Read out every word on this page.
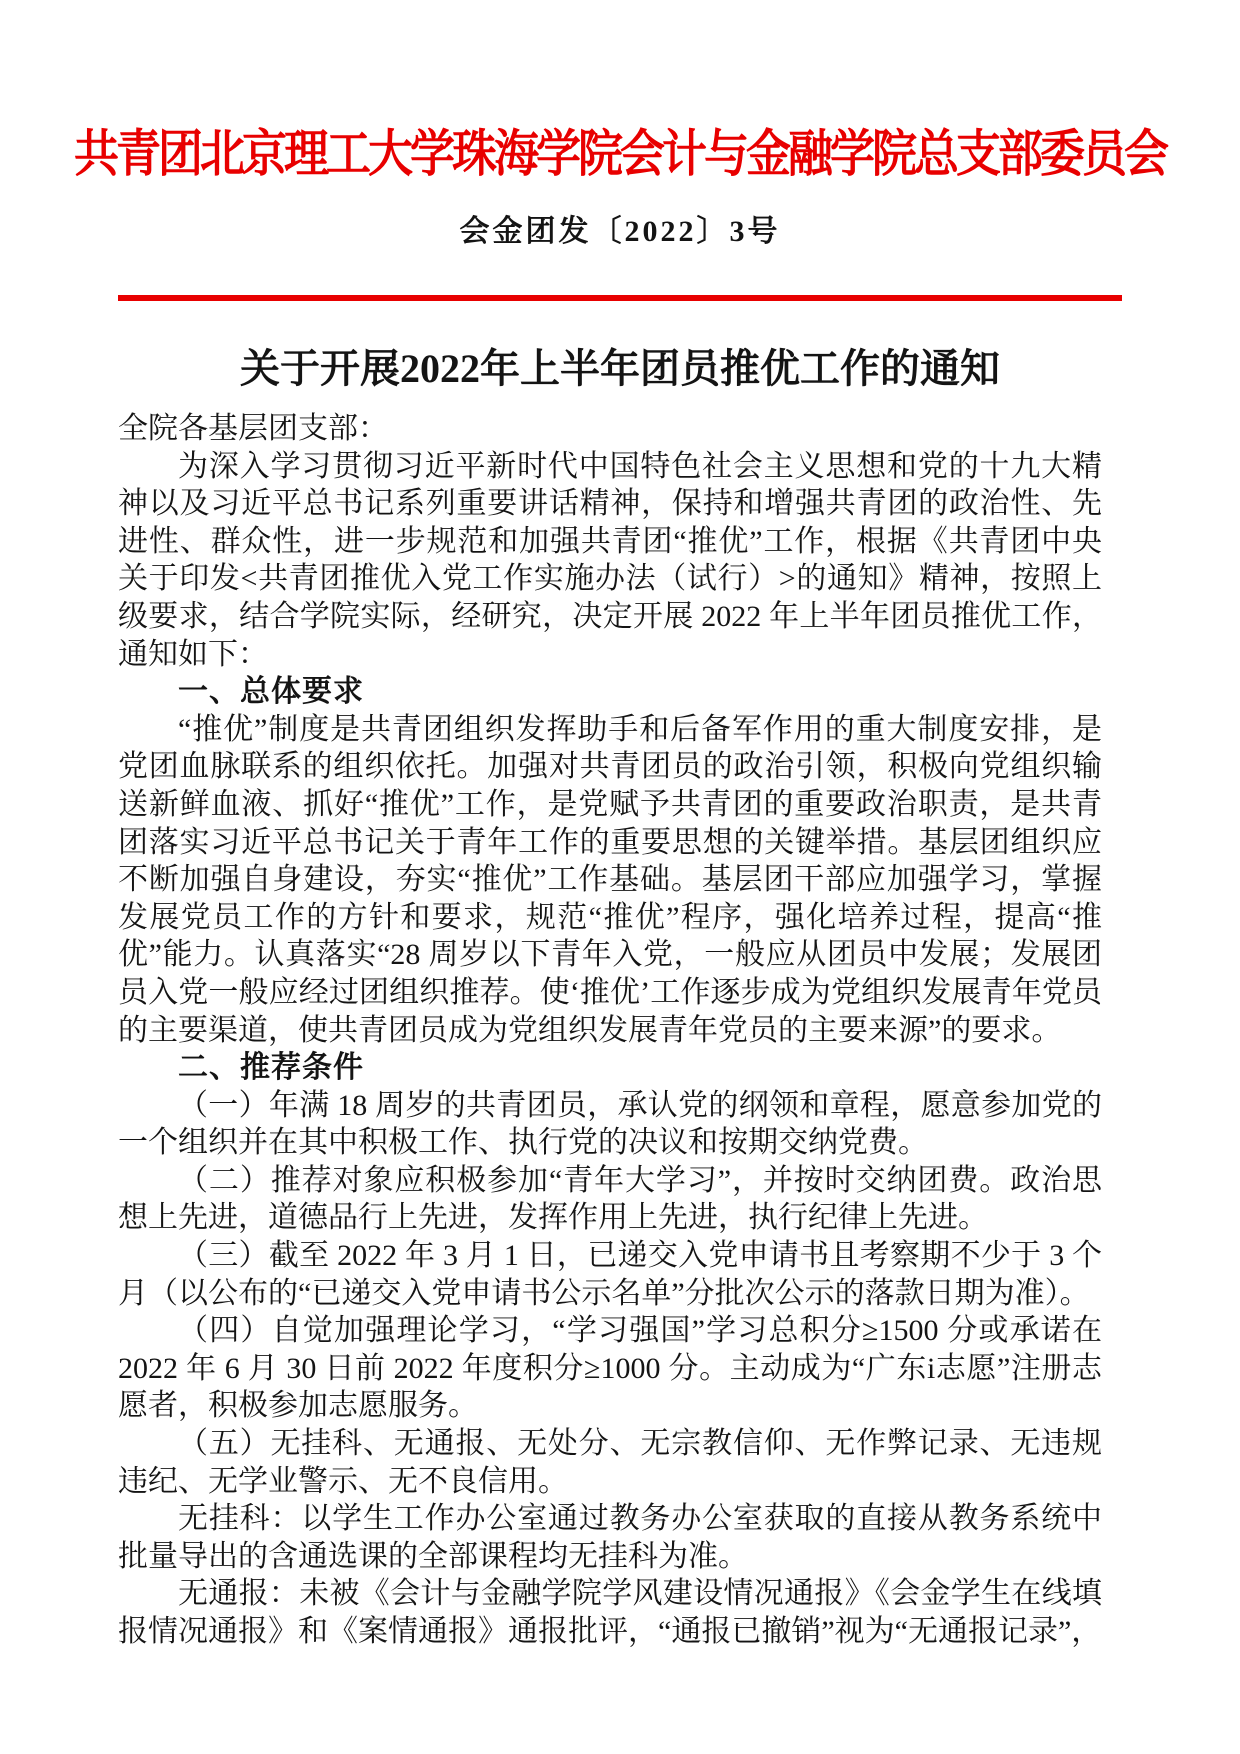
共青团北京理工大学珠海学院会计与金融学院总支部委员会
会金团发〔2022〕3号
关于开展2022年上半年团员推优工作的通知

全院各基层团支部：

为深入学习贯彻习近平新时代中国特色社会主义思想和党的十九大精神以及习近平总书记系列重要讲话精神，保持和增强共青团的政治性、先进性、群众性，进一步规范和加强共青团“推优”工作，根据《共青团中央关于印发<共青团推优入党工作实施办法（试行）>的通知》精神，按照上级要求，结合学院实际，经研究，决定开展 2022 年上半年团员推优工作，通知如下：

一、总体要求

“推优”制度是共青团组织发挥助手和后备军作用的重大制度安排，是党团血脉联系的组织依托。加强对共青团员的政治引领，积极向党组织输送新鲜血液、抓好“推优”工作，是党赋予共青团的重要政治职责，是共青团落实习近平总书记关于青年工作的重要思想的关键举措。基层团组织应不断加强自身建设，夯实“推优”工作基础。基层团干部应加强学习，掌握发展党员工作的方针和要求，规范“推优”程序，强化培养过程，提高“推优”能力。认真落实“28 周岁以下青年入党，一般应从团员中发展；发展团员入党一般应经过团组织推荐。使‘推优’工作逐步成为党组织发展青年党员的主要渠道，使共青团员成为党组织发展青年党员的主要来源”的要求。

二、推荐条件

（一）年满 18 周岁的共青团员，承认党的纲领和章程，愿意参加党的一个组织并在其中积极工作、执行党的决议和按期交纳党费。

（二）推荐对象应积极参加“青年大学习”，并按时交纳团费。政治思想上先进，道德品行上先进，发挥作用上先进，执行纪律上先进。

（三）截至 2022 年 3 月 1 日，已递交入党申请书且考察期不少于 3 个月（以公布的“已递交入党申请书公示名单”分批次公示的落款日期为准）。

（四）自觉加强理论学习，“学习强国”学习总积分≥1500 分或承诺在 2022 年 6 月 30 日前 2022 年度积分≥1000 分。主动成为“广东i志愿”注册志愿者，积极参加志愿服务。

（五）无挂科、无通报、无处分、无宗教信仰、无作弊记录、无违规违纪、无学业警示、无不良信用。

无挂科：以学生工作办公室通过教务办公室获取的直接从教务系统中批量导出的含通选课的全部课程均无挂科为准。

无通报：未被《会计与金融学院学风建设情况通报》《会金学生在线填报情况通报》和《案情通报》通报批评，“通报已撤销”视为“无通报记录”，
